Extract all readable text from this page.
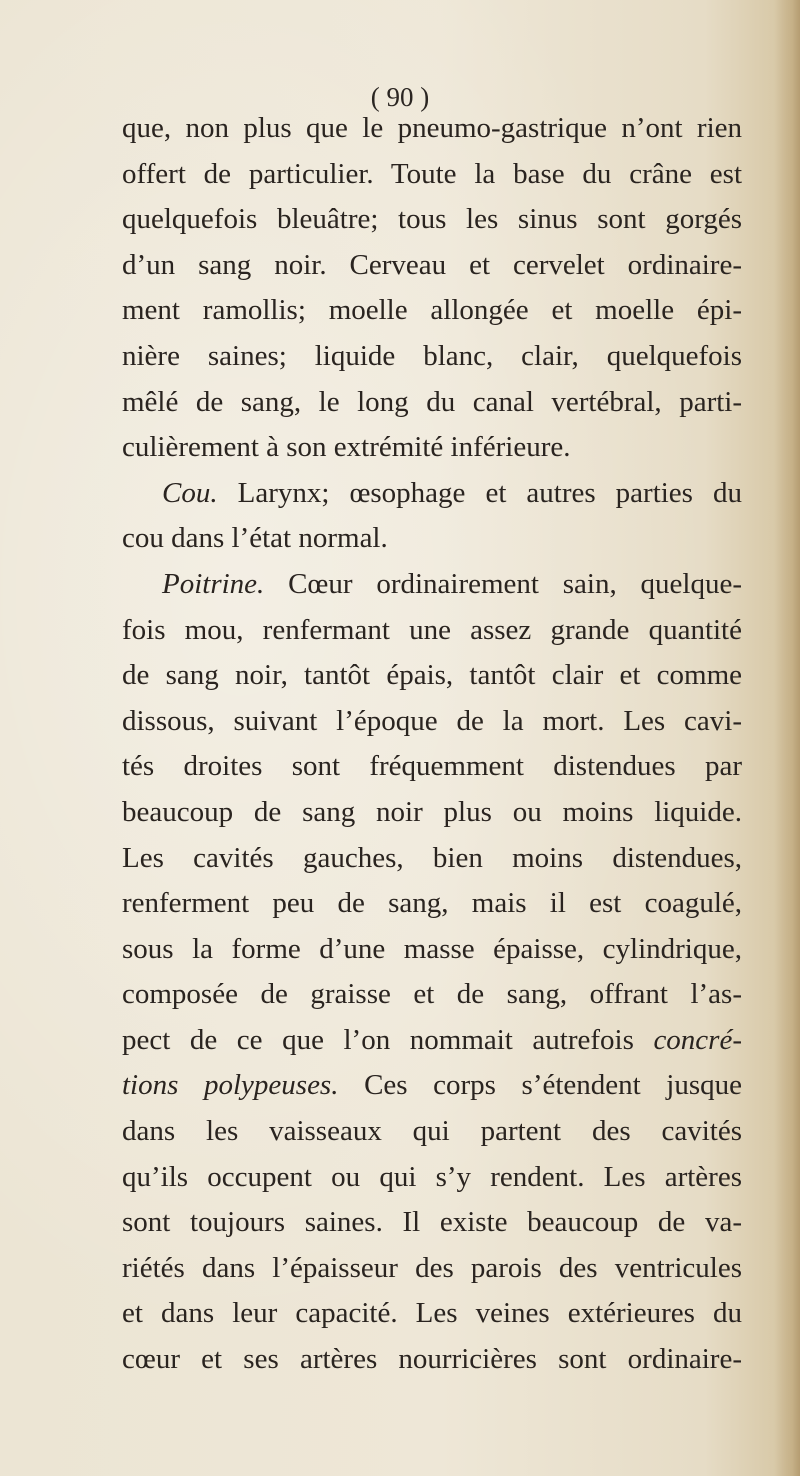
( 90 )
que, non plus que le pneumo-gastrique n’ont rien
offert de particulier. Toute la base du crâne est
quelquefois bleuâtre; tous les sinus sont gorgés
d’un sang noir. Cerveau et cervelet ordinaire-
ment ramollis; moelle allongée et moelle épi-
nière saines; liquide blanc, clair, quelquefois
mêlé de sang, le long du canal vertébral, parti-
culièrement à son extrémité inférieure.
Cou. Larynx; œsophage et autres parties du
cou dans l’état normal.
Poitrine. Cœur ordinairement sain, quelque-
fois mou, renfermant une assez grande quantité
de sang noir, tantôt épais, tantôt clair et comme
dissous, suivant l’époque de la mort. Les cavi-
tés droites sont fréquemment distendues par
beaucoup de sang noir plus ou moins liquide.
Les cavités gauches, bien moins distendues,
renferment peu de sang, mais il est coagulé,
sous la forme d’une masse épaisse, cylindrique,
composée de graisse et de sang, offrant l’as-
pect de ce que l’on nommait autrefois concré-
tions polypeuses. Ces corps s’étendent jusque
dans les vaisseaux qui partent des cavités
qu’ils occupent ou qui s’y rendent. Les artères
sont toujours saines. Il existe beaucoup de va-
riétés dans l’épaisseur des parois des ventricules
et dans leur capacité. Les veines extérieures du
cœur et ses artères nourricières sont ordinaire-
